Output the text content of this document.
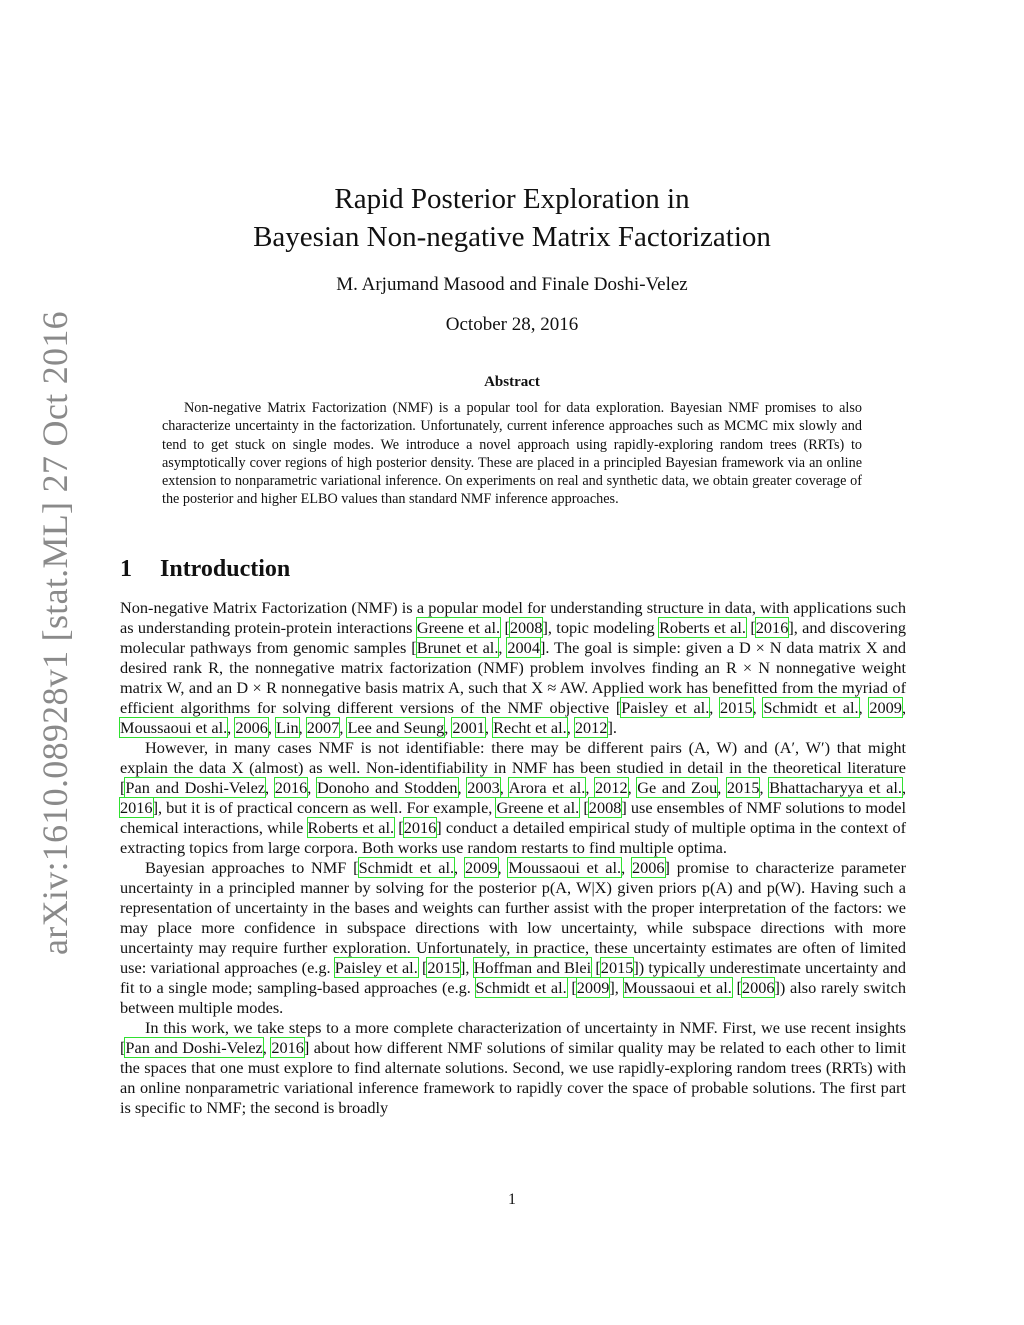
arXiv:1610.08928v1 [stat.ML] 27 Oct 2016
Rapid Posterior Exploration in
Bayesian Non-negative Matrix Factorization
M. Arjumand Masood and Finale Doshi-Velez
October 28, 2016
Abstract
Non-negative Matrix Factorization (NMF) is a popular tool for data exploration. Bayesian NMF promises to also characterize uncertainty in the factorization. Unfortunately, current inference approaches such as MCMC mix slowly and tend to get stuck on single modes. We introduce a novel approach using rapidly-exploring random trees (RRTs) to asymptotically cover regions of high posterior density. These are placed in a principled Bayesian framework via an online extension to nonparametric variational inference. On experiments on real and synthetic data, we obtain greater coverage of the posterior and higher ELBO values than standard NMF inference approaches.
1 Introduction

Non-negative Matrix Factorization (NMF) is a popular model for understanding structure in data, with applications such as understanding protein-protein interactions Greene et al. [2008], topic modeling Roberts et al. [2016], and discovering molecular pathways from genomic samples [Brunet et al., 2004]. The goal is simple: given a D × N data matrix X and desired rank R, the nonnegative matrix factorization (NMF) problem involves finding an R × N nonnegative weight matrix W, and an D × R nonnegative basis matrix A, such that X ≈ AW. Applied work has benefitted from the myriad of efficient algorithms for solving different versions of the NMF objective [Paisley et al., 2015, Schmidt et al., 2009, Moussaoui et al., 2006, Lin, 2007, Lee and Seung, 2001, Recht et al., 2012].

However, in many cases NMF is not identifiable: there may be different pairs (A, W) and (A′, W′) that might explain the data X (almost) as well. Non-identifiability in NMF has been studied in detail in the theoretical literature [Pan and Doshi-Velez, 2016, Donoho and Stodden, 2003, Arora et al., 2012, Ge and Zou, 2015, Bhattacharyya et al., 2016], but it is of practical concern as well. For example, Greene et al. [2008] use ensembles of NMF solutions to model chemical interactions, while Roberts et al. [2016] conduct a detailed empirical study of multiple optima in the context of extracting topics from large corpora. Both works use random restarts to find multiple optima.

Bayesian approaches to NMF [Schmidt et al., 2009, Moussaoui et al., 2006] promise to characterize parameter uncertainty in a principled manner by solving for the posterior p(A, W|X) given priors p(A) and p(W). Having such a representation of uncertainty in the bases and weights can further assist with the proper interpretation of the factors: we may place more confidence in subspace directions with low uncertainty, while subspace directions with more uncertainty may require further exploration. Unfortunately, in practice, these uncertainty estimates are often of limited use: variational approaches (e.g. Paisley et al. [2015], Hoffman and Blei [2015]) typically underestimate uncertainty and fit to a single mode; sampling-based approaches (e.g. Schmidt et al. [2009], Moussaoui et al. [2006]) also rarely switch between multiple modes.

In this work, we take steps to a more complete characterization of uncertainty in NMF. First, we use recent insights [Pan and Doshi-Velez, 2016] about how different NMF solutions of similar quality may be related to each other to limit the spaces that one must explore to find alternate solutions. Second, we use rapidly-exploring random trees (RRTs) with an online nonparametric variational inference framework to rapidly cover the space of probable solutions. The first part is specific to NMF; the second is broadly

1
